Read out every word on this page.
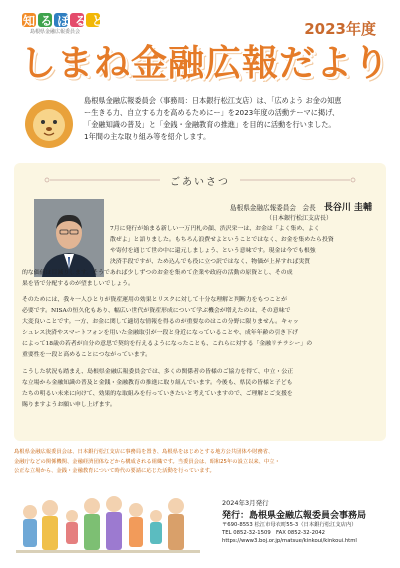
知るぽると
島根県金融広報委員会	2023年度
しまね金融広報だより
島根県金融広報委員会（事務局：日本銀行松江支店）は、「広めよう お金の知恵
ー生きる力、自立する力を高めるためにー」を2023年度の活動テーマに掲げ、
「金融知識の普及」と「金銭・金融教育の推進」を目的に活動を行いました。
1年間の主な取り組み等を紹介します。
ごあいさつ
島根県金融広報委員会　会長 長谷川 圭輔
（日本銀行松江支店長）
7月に発行が始まる新しい一万円札の顔、渋沢栄一は、お金は「よく集め、よく
散ぜよ」と語りました。もちろん浪費せよということではなく、お金を集めたら投資
や寄付を通じて世の中に還元しましょう、という意味です。現金は今でも根強
決済手段ですが、ため込んでも役に立つ訳ではなく、物価が上昇すれば実質
的な価値は目減りします。そうであれば少しずつのお金を集めて企業や政府の活動の原資とし、その成
果を皆で分配するのが望ましいでしょう。
そのためには、我々一人ひとりが資産運用の効果とリスクに対して十分な理解と判断力をもつことが
必要です。NISAの恒久化もあり、幅広い世代が資産形成について学ぶ機会が増えたのは、その意味で
大変良いことです。一方、お金に関して適切な情報を得るのが重要なのはこの分野に限りません。キャッ
シュレス決済やスマートフォンを用いた金融取引が一段と身近になっていることや、成年年齢の引き下げ
によって18歳の若者が自分の意思で契約を行えるようになったことも、これらに対する「金融リテラシー」の
重要性を一段と高めることにつながっています。
こうした状況も踏まえ、島根県金融広報委員会では、多くの関係者の皆様のご協力を得て、中立・公正
な立場から金融知識の普及と金銭・金融教育の推進に取り組んでいます。今後も、県民の皆様と子ども
たちの明るい未来に向けて、効果的な取組みを行っていきたいと考えていますので、ご理解とご支援を
賜りますようお願い申し上げます。
島根県金融広報委員会は、日本銀行松江支店に事務局を置き、島根県をはじめとする地方公共団体や財務省、
金融庁などの関係機関、金融経済団体などから構成される組織です。当委員会は、昭和25年の設立以来、中立・
公正な立場から、金銭・金融教育について時代の要請に応じた活動を行っています。
2024年3月発行
発行：島根県金融広報委員会事務局
〒690-8553 松江市母衣町55-3（日本銀行松江支店内）
TEL 0852-32-1509　FAX 0852-32-2042
https://www3.boj.or.jp/matsue/kinkoui/kinkoui.html
